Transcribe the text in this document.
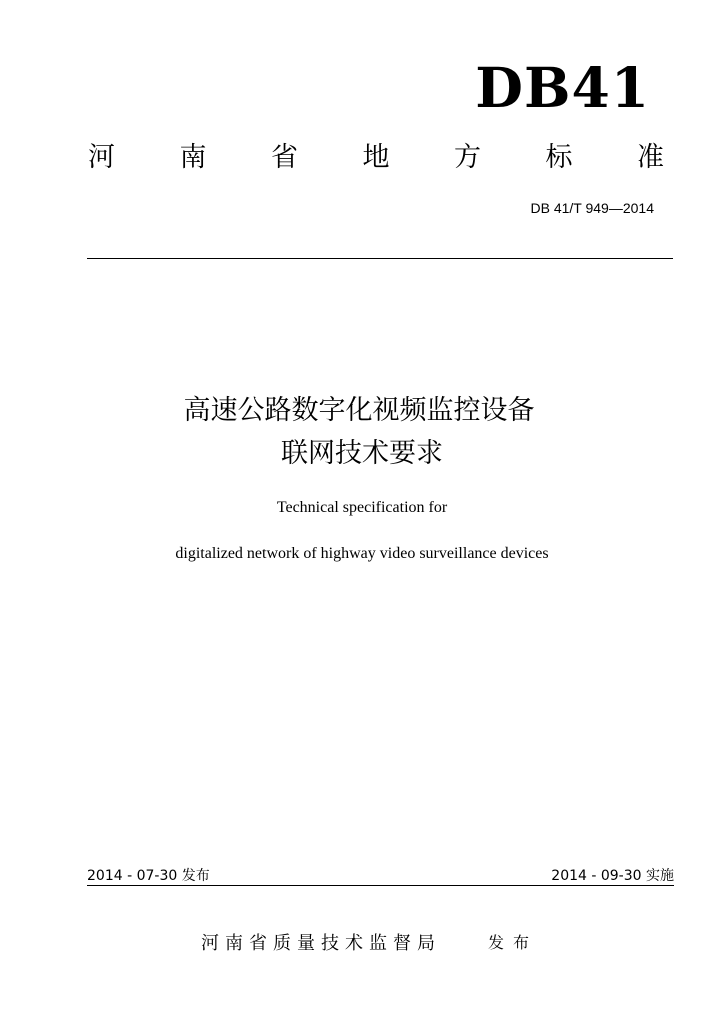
DB41
河 南 省 地 方 标 准
DB 41/T 949—2014
高速公路数字化视频监控设备
联网技术要求
Technical specification for
digitalized network of highway video surveillance devices
2014 - 07-30 发布	2014 - 09-30 实施
河南省质量技术监督局	发布
